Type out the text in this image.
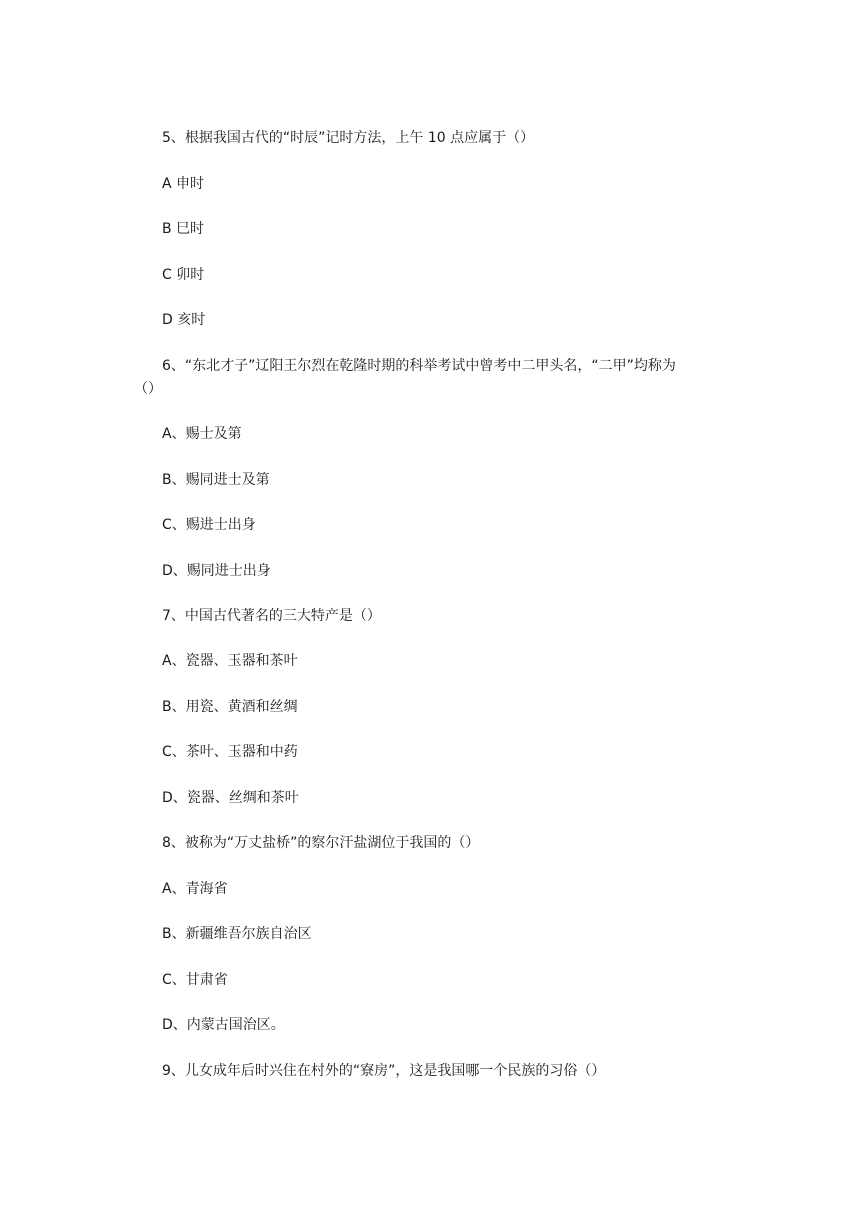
5、根据我国古代的“时辰”记时方法，上午 10 点应属于（）
A 申时
B 巳时
C 卯时
D 亥时
6、“东北才子”辽阳王尔烈在乾隆时期的科举考试中曾考中二甲头名，“二甲”均称为
（）
A、赐士及第
B、赐同进士及第
C、赐进士出身
D、赐同进士出身
7、中国古代著名的三大特产是（）
A、瓷器、玉器和茶叶
B、用瓷、黄酒和丝绸
C、茶叶、玉器和中药
D、瓷器、丝绸和茶叶
8、被称为“万丈盐桥”的察尔汗盐湖位于我国的（）
A、青海省
B、新疆维吾尔族自治区
C、甘肃省
D、内蒙古国治区。
9、儿女成年后时兴住在村外的“寮房”，这是我国哪一个民族的习俗（）
